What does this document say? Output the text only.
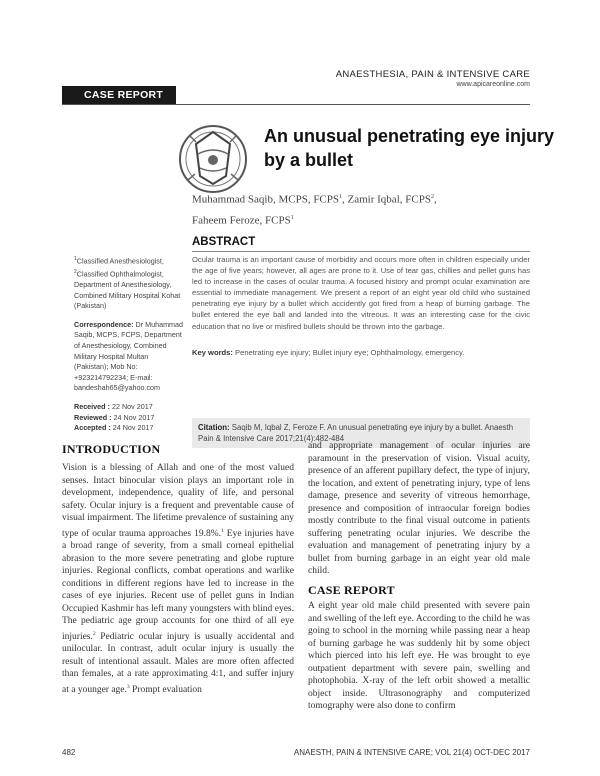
ANAESTHESIA, PAIN & INTENSIVE CARE
www.apicareonline.com
CASE REPORT
An unusual penetrating eye injury
by a bullet
Muhammad Saqib, MCPS, FCPS$^1$, Zamir Iqbal, FCPS$^2$,
Faheem Feroze, FCPS$^1$
ABSTRACT
Ocular trauma is an important cause of morbidity and occurs more often in children especially under the age of five years; however, all ages are prone to it. Use of tear gas, chillies and pellet guns has led to increase in the cases of ocular trauma. A focused history and prompt ocular examination are essential to immediate management. We present a report of an eight year old child who sustained penetrating eye injury by a bullet which accidently got fired from a heap of burning garbage. The bullet entered the eye ball and landed into the vitreous. It was an interesting case for the civic education that no live or misfired bullets should be thrown into the garbage.
Key words: Penetrating eye injury; Bullet injury eye; Ophthalmology, emergency.
$^1$Classified Anesthesiologist,
$^2$Classified Ophthalmologist,
Department of Anesthesiology, Combined Military Hospital Kohat (Pakistan)
Correspondence: Dr Muhammad Saqib, MCPS, FCPS, Department of Anesthesiology, Combined Military Hospital Multan (Pakistan); Mob No: +923214792234; E-mail: bandeshah65@yahoo.com
Received : 22 Nov 2017
Reviewed : 24 Nov 2017
Accepted : 24 Nov 2017	Citation: Saqib M, Iqbal Z, Feroze F. An unusual penetrating eye injury by a bullet. Anaesth Pain & Intensive Care 2017;21(4):482-484
INTRODUCTION

Vision is a blessing of Allah and one of the most valued senses. Intact binocular vision plays an important role in development, independence, quality of life, and personal safety. Ocular injury is a frequent and preventable cause of visual impairment. The lifetime prevalence of sustaining any type of ocular trauma approaches 19.8%.$^1$ Eye injuries have a broad range of severity, from a small corneal epithelial abrasion to the more severe penetrating and globe rupture injuries. Regional conflicts, combat operations and warlike conditions in different regions have led to increase in the cases of eye injuries. Recent use of pellet guns in Indian Occupied Kashmir has left many youngsters with blind eyes. The pediatric age group accounts for one third of all eye injuries.$^2$ Pediatric ocular injury is usually accidental and unilocular. In contrast, adult ocular injury is usually the result of intentional assault. Males are more often affected than females, at a rate approximating 4:1, and suffer injury at a younger age.$^3$ Prompt evaluation

and appropriate management of ocular injuries are paramount in the preservation of vision. Visual acuity, presence of an afferent pupillary defect, the type of injury, the location, and extent of penetrating injury, type of lens damage, presence and severity of vitreous hemorrhage, presence and composition of intraocular foreign bodies mostly contribute to the final visual outcome in patients suffering penetrating ocular injuries. We describe the evaluation and management of penetrating injury by a bullet from burning garbage in an eight year old male child.

CASE REPORT

A eight year old male child presented with severe pain and swelling of the left eye. According to the child he was going to school in the morning while passing near a heap of burning garbage he was suddenly hit by some object which pierced into his left eye. He was brought to eye outpatient department with severe pain, swelling and photophobia. X-ray of the left orbit showed a metallic object inside. Ultrasonography and computerized tomography were also done to confirm

482	ANAESTH, PAIN & INTENSIVE CARE; VOL 21(4) OCT-DEC 2017
